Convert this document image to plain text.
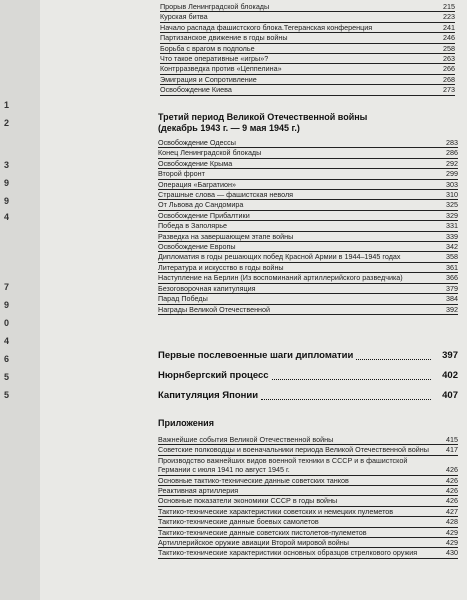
1
2
3
9
9
4
7
9
0
4
6
5
5
Прорыв Ленинградской блокады	215
Курская битва	223
Начало распада фашистского блока.Тегеранская конференция	241
Партизанское движение в годы войны	246
Борьба с врагом в подполье	258
Что такое оперативные «игры»?	263
Контрразведка против «Цеппелина»	266
Эмиграция и Сопротивление	268
Освобождение Киева	273
Третий период Великой Отечественной войны
(декабрь 1943 г. — 9 мая 1945 г.)
Освобождение Одессы	283
Конец Ленинградской блокады	286
Освобождение Крыма	292
Второй фронт	299
Операция «Багратион»	303
Страшные слова — фашистская неволя	310
От Львова до Сандомира	325
Освобождение Прибалтики	329
Победа в Заполярье	331
Разведка на завершающем этапе войны	339
Освобождение Европы	342
Дипломатия в годы решающих побед Красной Армии в 1944–1945 годах	358
Литература и искусство в годы войны	361
Наступление на Берлин (Из воспоминаний артиллерийского разведчика)	366
Безоговорочная капитуляция	379
Парад Победы	384
Награды Великой Отечественной	392
Первые послевоенные шаги дипломатии	397
Нюрнбергский процесс	402
Капитуляция Японии	407
Приложения
Важнейшие события Великой Отечественной войны	415
Советские полководцы и военачальники периода Великой Отечественной войны	417
Производство важнейших видов военной техники в СССР и в фашистской Германии с июля 1941 по август 1945 г.	426
Основные тактико-технические данные советских танков	426
Реактивная артиллерия	426
Основные показатели экономики СССР в годы войны	426
Тактико-технические характеристики советских и немецких пулеметов	427
Тактико-технические данные боевых самолетов	428
Тактико-технические данные советских пистолетов-пулеметов	429
Артиллерийское оружие авиации Второй мировой войны	429
Тактико-технические характеристики основных образцов стрелкового оружия	430
